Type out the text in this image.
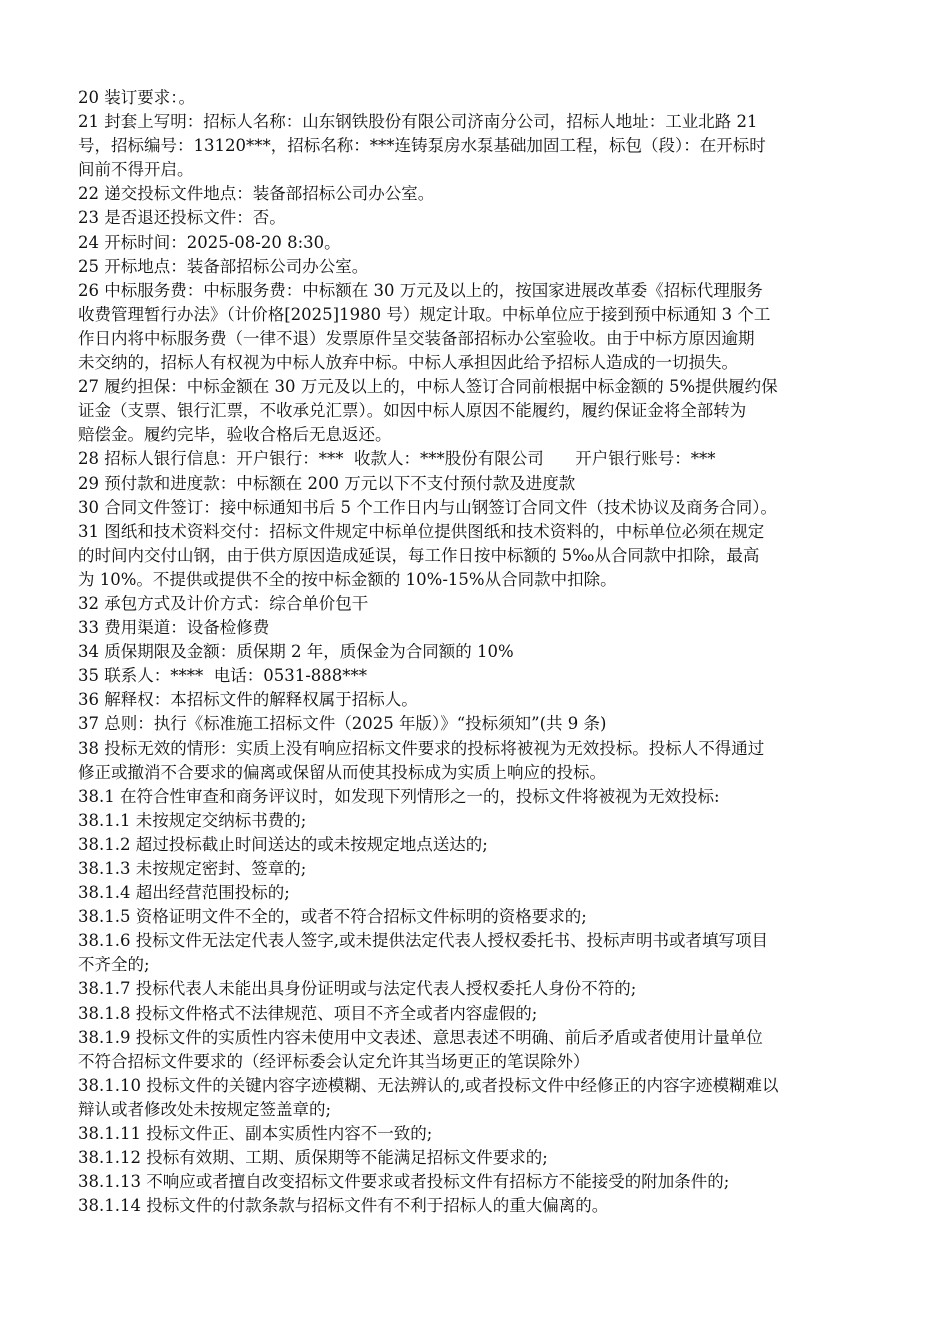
20 装订要求：。
21 封套上写明：招标人名称：山东钢铁股份有限公司济南分公司，招标人地址：工业北路 21
号，招标编号：13120***，招标名称：***连铸泵房水泵基础加固工程，标包（段）：在开标时
间前不得开启。
22 递交投标文件地点：装备部招标公司办公室。
23 是否退还投标文件：否。
24 开标时间：2025-08-20 8:30。
25 开标地点：装备部招标公司办公室。
26 中标服务费：中标服务费：中标额在 30 万元及以上的，按国家进展改革委《招标代理服务
收费管理暂行办法》（计价格[2025]1980 号）规定计取。中标单位应于接到预中标通知 3 个工
作日内将中标服务费（一律不退）发票原件呈交装备部招标办公室验收。由于中标方原因逾期
未交纳的，招标人有权视为中标人放弃中标。中标人承担因此给予招标人造成的一切损失。
27 履约担保：中标金额在 30 万元及以上的，中标人签订合同前根据中标金额的 5%提供履约保
证金（支票、银行汇票，不收承兑汇票）。如因中标人原因不能履约，履约保证金将全部转为
赔偿金。履约完毕，验收合格后无息返还。
28 招标人银行信息：开户银行：***  收款人：***股份有限公司      开户银行账号：***
29 预付款和进度款：中标额在 200 万元以下不支付预付款及进度款
30 合同文件签订：接中标通知书后 5 个工作日内与山钢签订合同文件（技术协议及商务合同）。
31 图纸和技术资料交付：招标文件规定中标单位提供图纸和技术资料的，中标单位必须在规定
的时间内交付山钢，由于供方原因造成延误，每工作日按中标额的 5‰从合同款中扣除，最高
为 10%。不提供或提供不全的按中标金额的 10%-15%从合同款中扣除。
32 承包方式及计价方式：综合单价包干
33 费用渠道：设备检修费
34 质保期限及金额：质保期 2 年，质保金为合同额的 10%
35 联系人：****  电话：0531-888***
36 解释权：本招标文件的解释权属于招标人。
37 总则：执行《标准施工招标文件（2025 年版）》“投标须知”(共 9 条)
38 投标无效的情形：实质上没有响应招标文件要求的投标将被视为无效投标。投标人不得通过
修正或撤消不合要求的偏离或保留从而使其投标成为实质上响应的投标。
38.1 在符合性审查和商务评议时，如发现下列情形之一的，投标文件将被视为无效投标:
38.1.1 未按规定交纳标书费的;
38.1.2 超过投标截止时间送达的或未按规定地点送达的;
38.1.3 未按规定密封、签章的;
38.1.4 超出经营范围投标的;
38.1.5 资格证明文件不全的，或者不符合招标文件标明的资格要求的;
38.1.6 投标文件无法定代表人签字,或未提供法定代表人授权委托书、投标声明书或者填写项目
不齐全的;
38.1.7 投标代表人未能出具身份证明或与法定代表人授权委托人身份不符的;
38.1.8 投标文件格式不法律规范、项目不齐全或者内容虚假的;
38.1.9 投标文件的实质性内容未使用中文表述、意思表述不明确、前后矛盾或者使用计量单位
不符合招标文件要求的（经评标委会认定允许其当场更正的笔误除外）
38.1.10 投标文件的关键内容字迹模糊、无法辨认的,或者投标文件中经修正的内容字迹模糊难以
辩认或者修改处未按规定签盖章的;
38.1.11 投标文件正、副本实质性内容不一致的;
38.1.12 投标有效期、工期、质保期等不能满足招标文件要求的;
38.1.13 不响应或者擅自改变招标文件要求或者投标文件有招标方不能接受的附加条件的;
38.1.14 投标文件的付款条款与招标文件有不利于招标人的重大偏离的。
